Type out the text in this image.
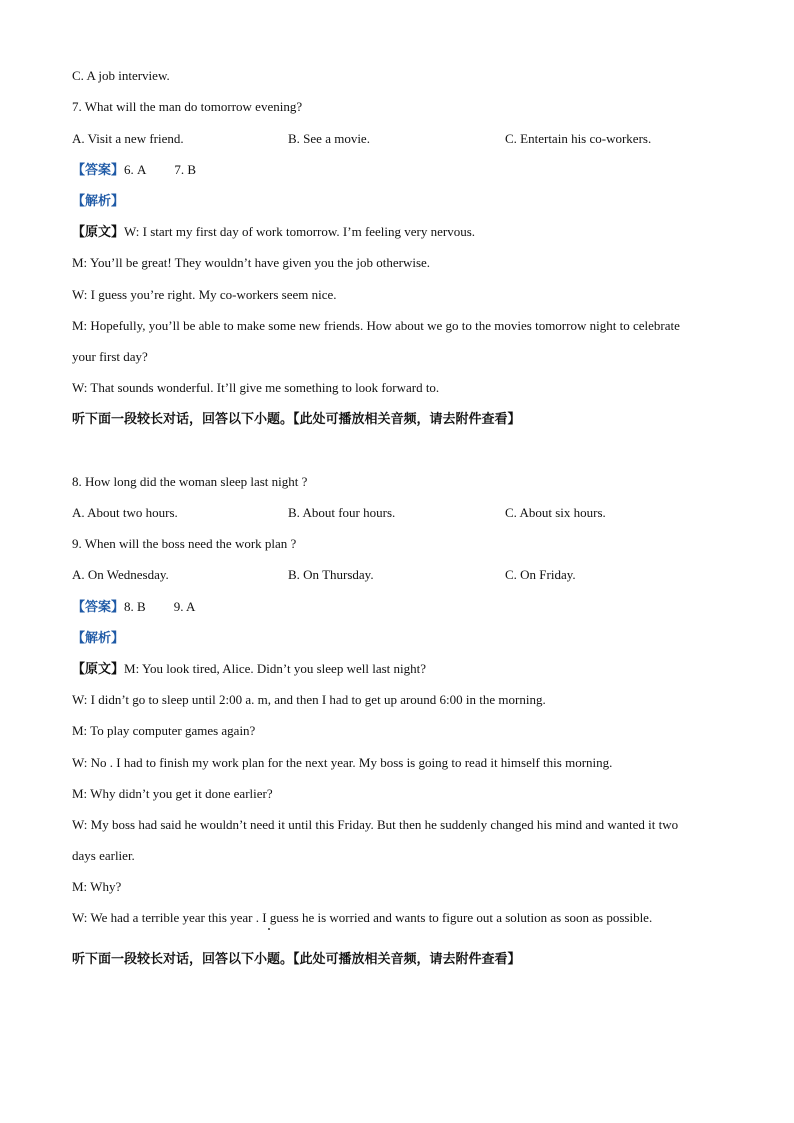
C. A job interview.
7. What will the man do tomorrow evening?
A. Visit a new friend.	B. See a movie.	C. Entertain his co-workers.
【答案】6. A 7. B
【解析】
【原文】W: I start my first day of work tomorrow. I’m feeling very nervous.
M: You’ll be great! They wouldn’t have given you the job otherwise.
W: I guess you’re right. My co-workers seem nice.
M: Hopefully, you’ll be able to make some new friends. How about we go to the movies tomorrow night to celebrate
your first day?
W: That sounds wonderful. It’ll give me something to look forward to.
听下面一段较长对话，回答以下小题。【此处可播放相关音频，请去附件查看】
8. How long did the woman sleep last night ?
A. About two hours.	B. About four hours.	C. About six hours.
9. When will the boss need the work plan ?
A. On Wednesday.	B. On Thursday.	C. On Friday.
【答案】8. B 9. A
【解析】
【原文】M: You look tired, Alice. Didn’t you sleep well last night?
W: I didn’t go to sleep until 2:00 a. m, and then I had to get up around 6:00 in the morning.
M: To play computer games again?
W: No . I had to finish my work plan for the next year. My boss is going to read it himself this morning.
M: Why didn’t you get it done earlier?
W: My boss had said he wouldn’t need it until this Friday. But then he suddenly changed his mind and wanted it two
days earlier.
M: Why?
W: We had a terrible year this year . I guess he is worried and wants to figure out a solution as soon as possible.
听下面一段较长对话，回答以下小题。【此处可播放相关音频，请去附件查看】
